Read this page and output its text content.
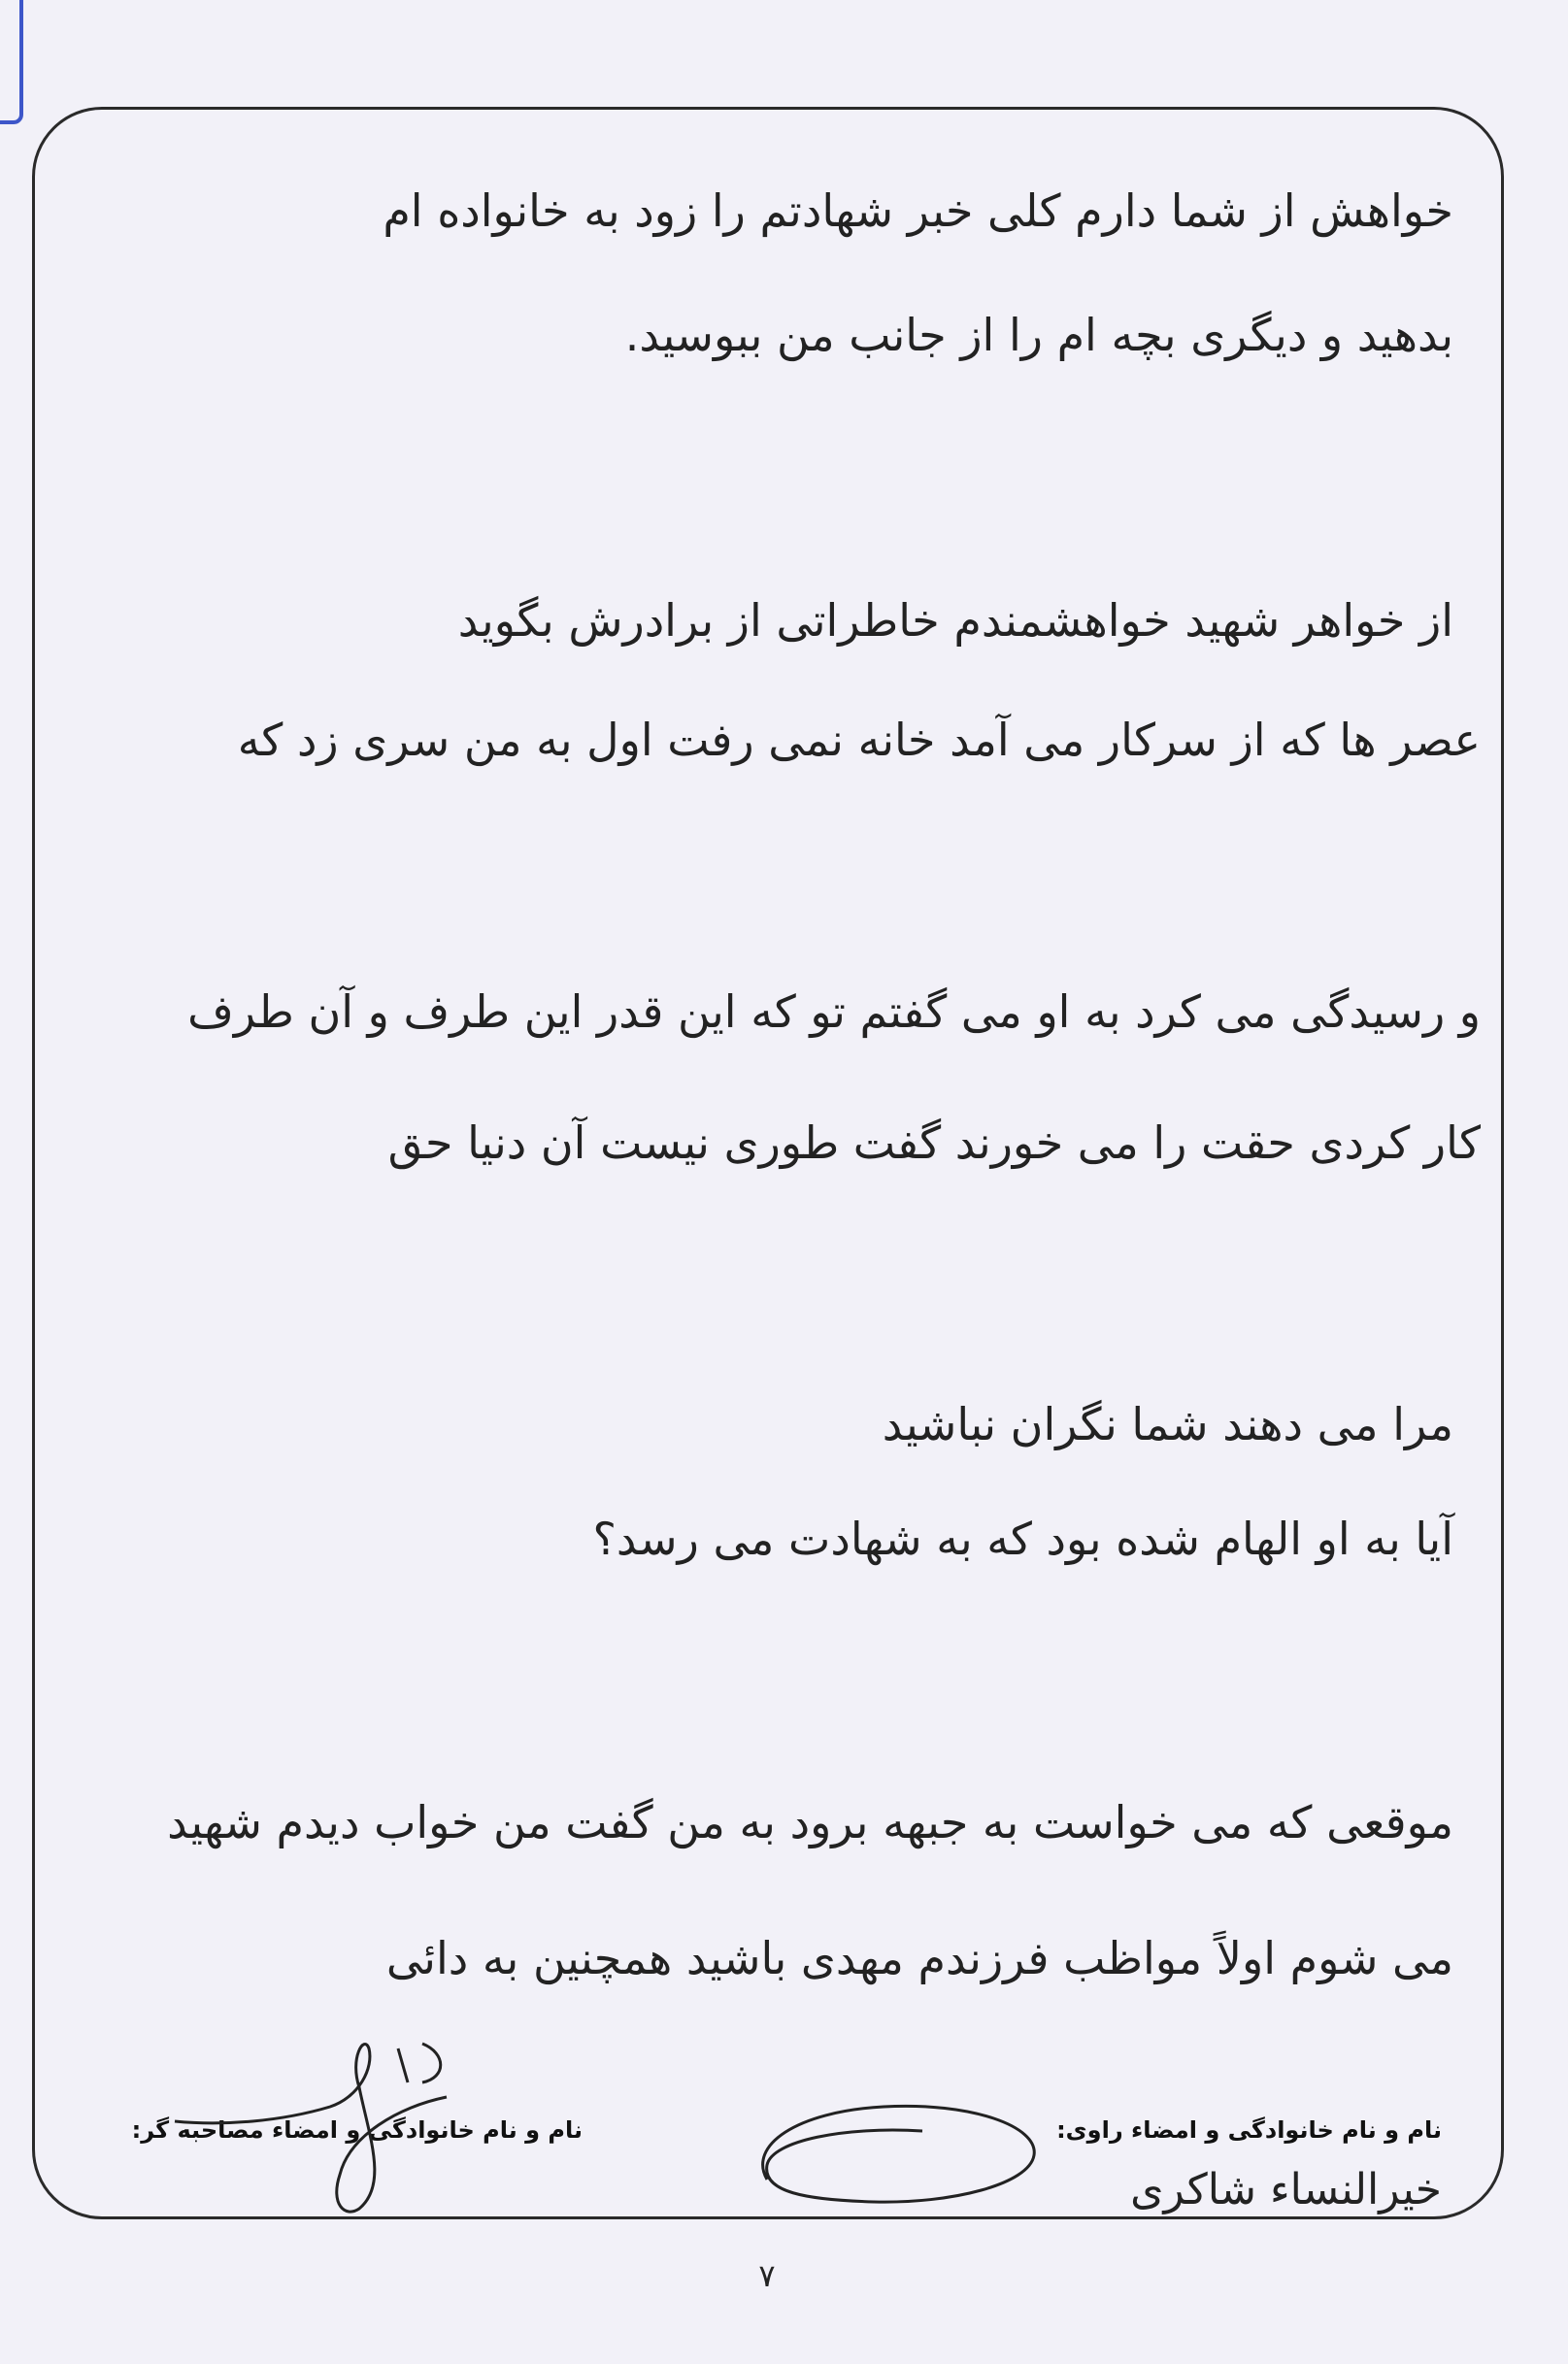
خواهش از شما دارم کلی خبر شهادتم را زود به خانواده ام
بدهید و دیگری بچه ام را از جانب من ببوسید.
از خواهر شهید خواهشمندم خاطراتی از برادرش بگوید
عصر ها که از سرکار می آمد خانه نمی رفت اول به من سری زد که
و رسیدگی می کرد به او می گفتم تو که این قدر این طرف و آن طرف
کار کردی حقت را می خورند گفت طوری نیست آن دنیا حق
مرا می دهند شما نگران نباشید
آیا به او الهام شده بود که به شهادت می رسد؟
موقعی که می خواست به جبهه برود به من گفت من خواب دیدم شهید
می شوم اولاً مواظب فرزندم مهدی باشید همچنین به دائی
نام و نام خانوادگی و امضاء راوی:
خیرالنساء شاکری
نام و نام خانوادگی و امضاء مصاحبه گر:
۷
